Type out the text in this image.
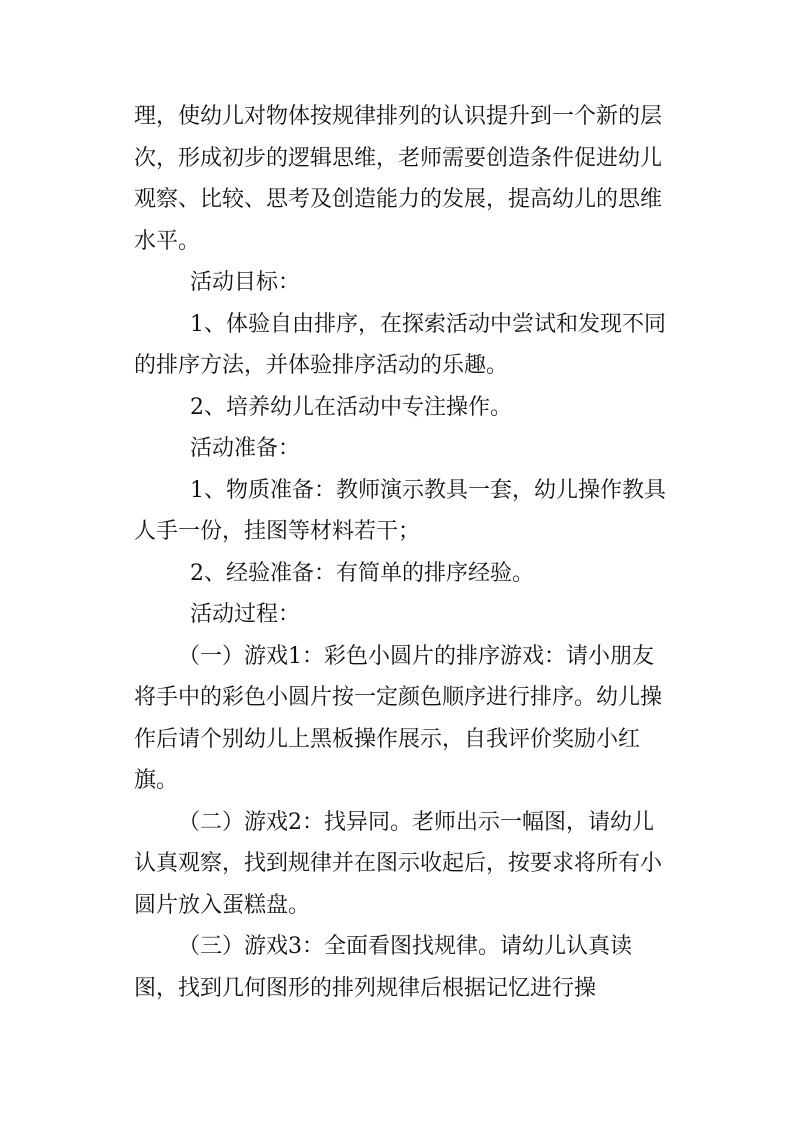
理，使幼儿对物体按规律排列的认识提升到一个新的层次，形成初步的逻辑思维，老师需要创造条件促进幼儿观察、比较、思考及创造能力的发展，提高幼儿的思维水平。

活动目标：

1、体验自由排序，在探索活动中尝试和发现不同的排序方法，并体验排序活动的乐趣。

2、培养幼儿在活动中专注操作。

活动准备：

1、物质准备：教师演示教具一套，幼儿操作教具人手一份，挂图等材料若干；

2、经验准备：有简单的排序经验。

活动过程：

（一）游戏1：彩色小圆片的排序游戏：请小朋友将手中的彩色小圆片按一定颜色顺序进行排序。幼儿操作后请个别幼儿上黑板操作展示，自我评价奖励小红旗。

（二）游戏2：找异同。老师出示一幅图，请幼儿认真观察，找到规律并在图示收起后，按要求将所有小圆片放入蛋糕盘。

（三）游戏3：全面看图找规律。请幼儿认真读图，找到几何图形的排列规律后根据记忆进行操
